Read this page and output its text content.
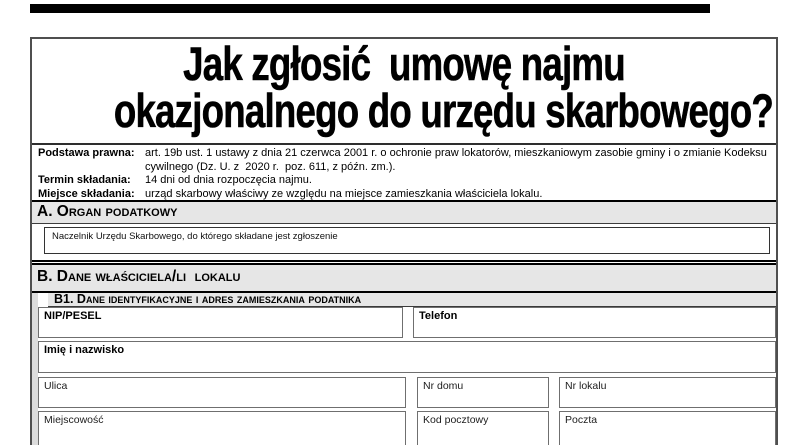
Jak zgłosić  umowę najmu
okazjonalnego do urzędu skarbowego?
Podstawa prawna: art. 19b ust. 1 ustawy z dnia 21 czerwca 2001 r. o ochronie praw lokatorów, mieszkaniowym zasobie gminy i o zmianie Kodeksu cywilnego (Dz. U. z  2020 r.  poz. 611, z późn. zm.).
Termin składania:	14 dni od dnia rozpoczęcia najmu.
Miejsce składania: urząd skarbowy właściwy ze względu na miejsce zamieszkania właściciela lokalu.
A. Organ podatkowy
Naczelnik Urzędu Skarbowego, do którego składane jest zgłoszenie
B. Dane właściciela/li  lokalu
B1. Dane identyfikacyjne i adres zamieszkania podatnika
NIP/PESEL	Telefon
Imię i nazwisko
Ulica	Nr domu	Nr lokalu
Miejscowość	Kod pocztowy	Poczta
